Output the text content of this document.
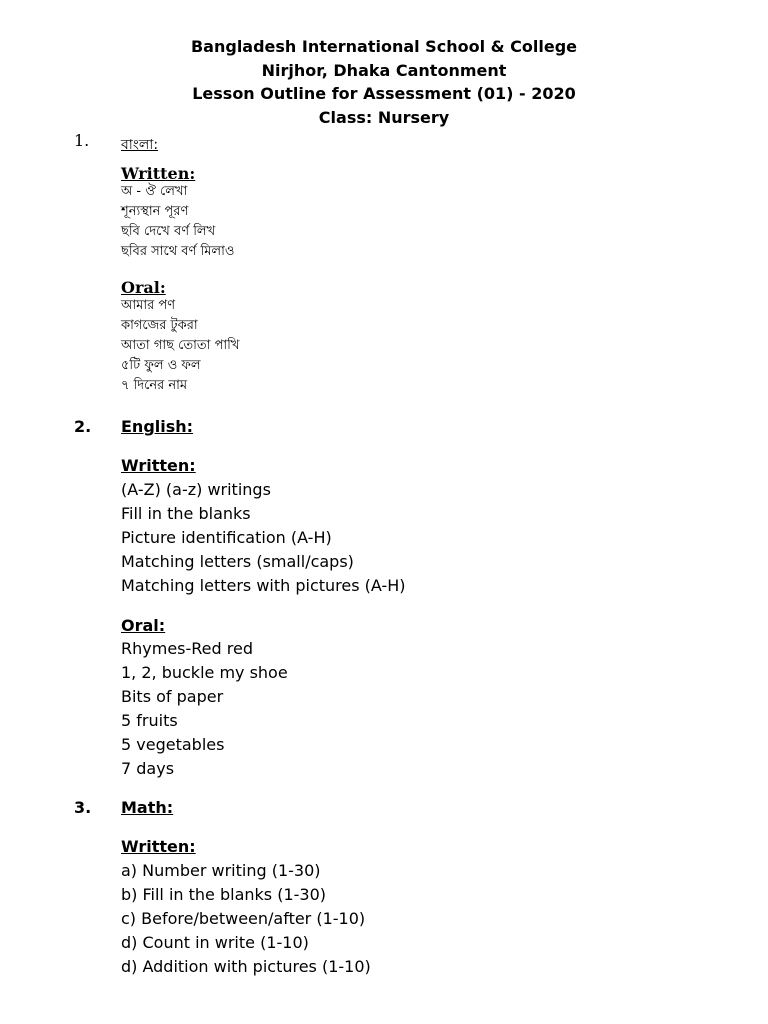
Bangladesh International School & College
Nirjhor, Dhaka Cantonment
Lesson Outline for Assessment (01) - 2020
Class: Nursery
1. বাংলা:
Written:
অ - ঔ লেখা
শূন্যস্থান পূরণ
ছবি দেখে বর্ণ লিখ
ছবির সাথে বর্ণ মিলাও
Oral:
আমার পণ
কাগজের টুকরা
আতা গাছ তোতা পাখি
৫টি ফুল ও ফল
৭ দিনের নাম
2. English:
Written:
(A-Z) (a-z) writings
Fill in the blanks
Picture identification (A-H)
Matching letters (small/caps)
Matching letters with pictures (A-H)
Oral:
Rhymes-Red red
1, 2, buckle my shoe
Bits of paper
5 fruits
5 vegetables
7 days
3. Math:
Written:
a) Number writing (1-30)
b) Fill in the blanks (1-30)
c) Before/between/after (1-10)
d) Count in write (1-10)
d) Addition with pictures (1-10)
